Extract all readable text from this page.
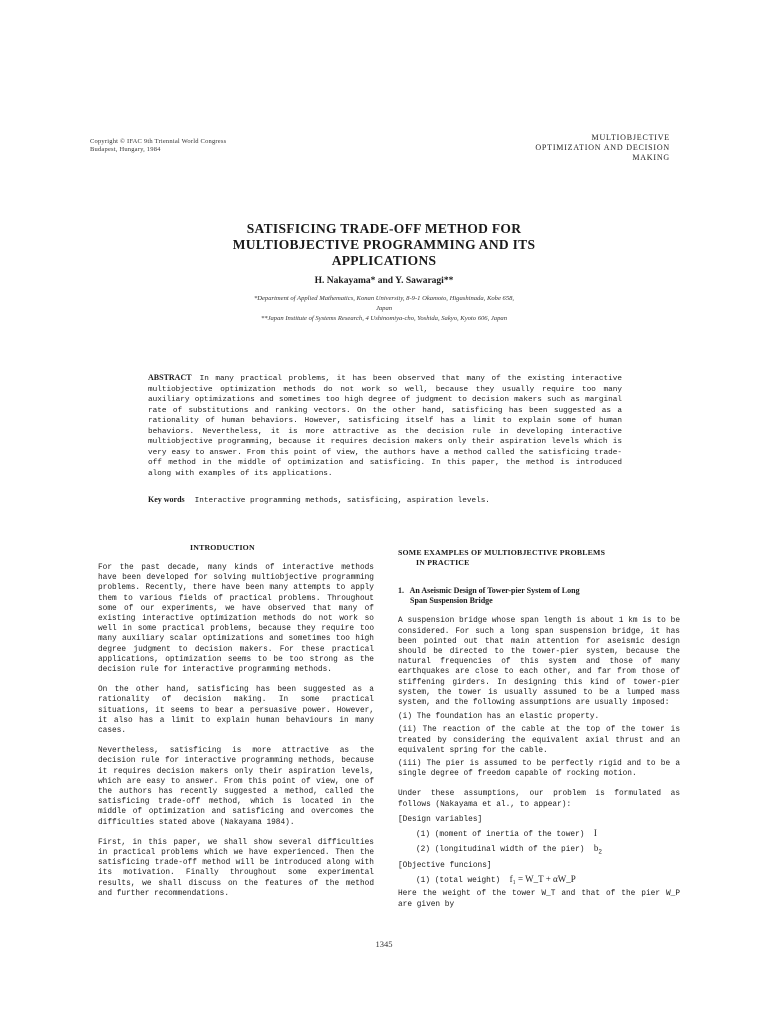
Copyright © IFAC 9th Triennial World Congress
Budapest, Hungary, 1984
MULTIOBJECTIVE
OPTIMIZATION AND DECISION
MAKING
SATISFICING TRADE-OFF METHOD FOR
MULTIOBJECTIVE PROGRAMMING AND ITS
APPLICATIONS
H. Nakayama* and Y. Sawaragi**
*Department of Applied Mathematics, Konan University, 8-9-1 Okamoto, Higashinada, Kobe 658,
Japan
**Japan Institute of Systems Research, 4 Ushinomiya-cho, Yoshida, Sakyo, Kyoto 606, Japan
ABSTRACT In many practical problems, it has been observed that many of the existing interactive multiobjective optimization methods do not work so well, because they usually require too many auxiliary optimizations and sometimes too high degree of judgment to decision makers such as marginal rate of substitutions and ranking vectors. On the other hand, satisficing has been suggested as a rationality of human behaviors. However, satisficing itself has a limit to explain some of human behaviors. Nevertheless, it is more attractive as the decision rule in developing interactive multiobjective programming, because it requires decision makers only their aspiration levels which is very easy to answer. From this point of view, the authors have a method called the satisficing trade-off method in the middle of optimization and satisficing. In this paper, the method is introduced along with examples of its applications.
Key words Interactive programming methods, satisficing, aspiration levels.
INTRODUCTION

For the past decade, many kinds of interactive methods have been developed for solving multiobjective programming problems. Recently, there have been many attempts to apply them to various fields of practical problems. Throughout some of our experiments, we have observed that many of existing interactive optimization methods do not work so well in some practical problems, because they require too many auxiliary scalar optimizations and sometimes too high degree judgment to decision makers. For these practical applications, optimization seems to be too strong as the decision rule for interactive programming methods.

On the other hand, satisficing has been suggested as a rationality of decision making. In some practical situations, it seems to bear a persuasive power. However, it also has a limit to explain human behaviours in many cases.

Nevertheless, satisficing is more attractive as the decision rule for interactive programming methods, because it requires decision makers only their aspiration levels, which are easy to answer. From this point of view, one of the authors has recently suggested a method, called the satisficing trade-off method, which is located in the middle of optimization and satisficing and overcomes the difficulties stated above (Nakayama 1984).

First, in this paper, we shall show several difficulties in practical problems which we have experienced. Then the satisficing trade-off method will be introduced along with its motivation. Finally throughout some experimental results, we shall discuss on the features of the method and further recommendations.

SOME EXAMPLES OF MULTIOBJECTIVE PROBLEMS
IN PRACTICE
1. An Aseismic Design of Tower-pier System of Long
Span Suspension Bridge

A suspension bridge whose span length is about 1 km is to be considered. For such a long span suspension bridge, it has been pointed out that main attention for aseismic design should be directed to the tower-pier system, because the natural frequencies of this system and those of many earthquakes are close to each other, and far from those of stiffening girders. In designing this kind of tower-pier system, the tower is usually assumed to be a lumped mass system, and the following assumptions are usually imposed:

(i) The foundation has an elastic property.

(ii) The reaction of the cable at the top of the tower is treated by considering the equivalent axial thrust and an equivalent spring for the cable.

(iii) The pier is assumed to be perfectly rigid and to be a single degree of freedom capable of rocking motion.

Under these assumptions, our problem is formulated as follows (Nakayama et al., to appear):

[Design variables]

(1) (moment of inertia of the tower) I

(2) (longitudinal width of the pier) $b_2$

[Objective funcions]

(1) (total weight) f₁ = W_T + αW_P

Here the weight of the tower W_T and that of the pier W_P are given by

1345
